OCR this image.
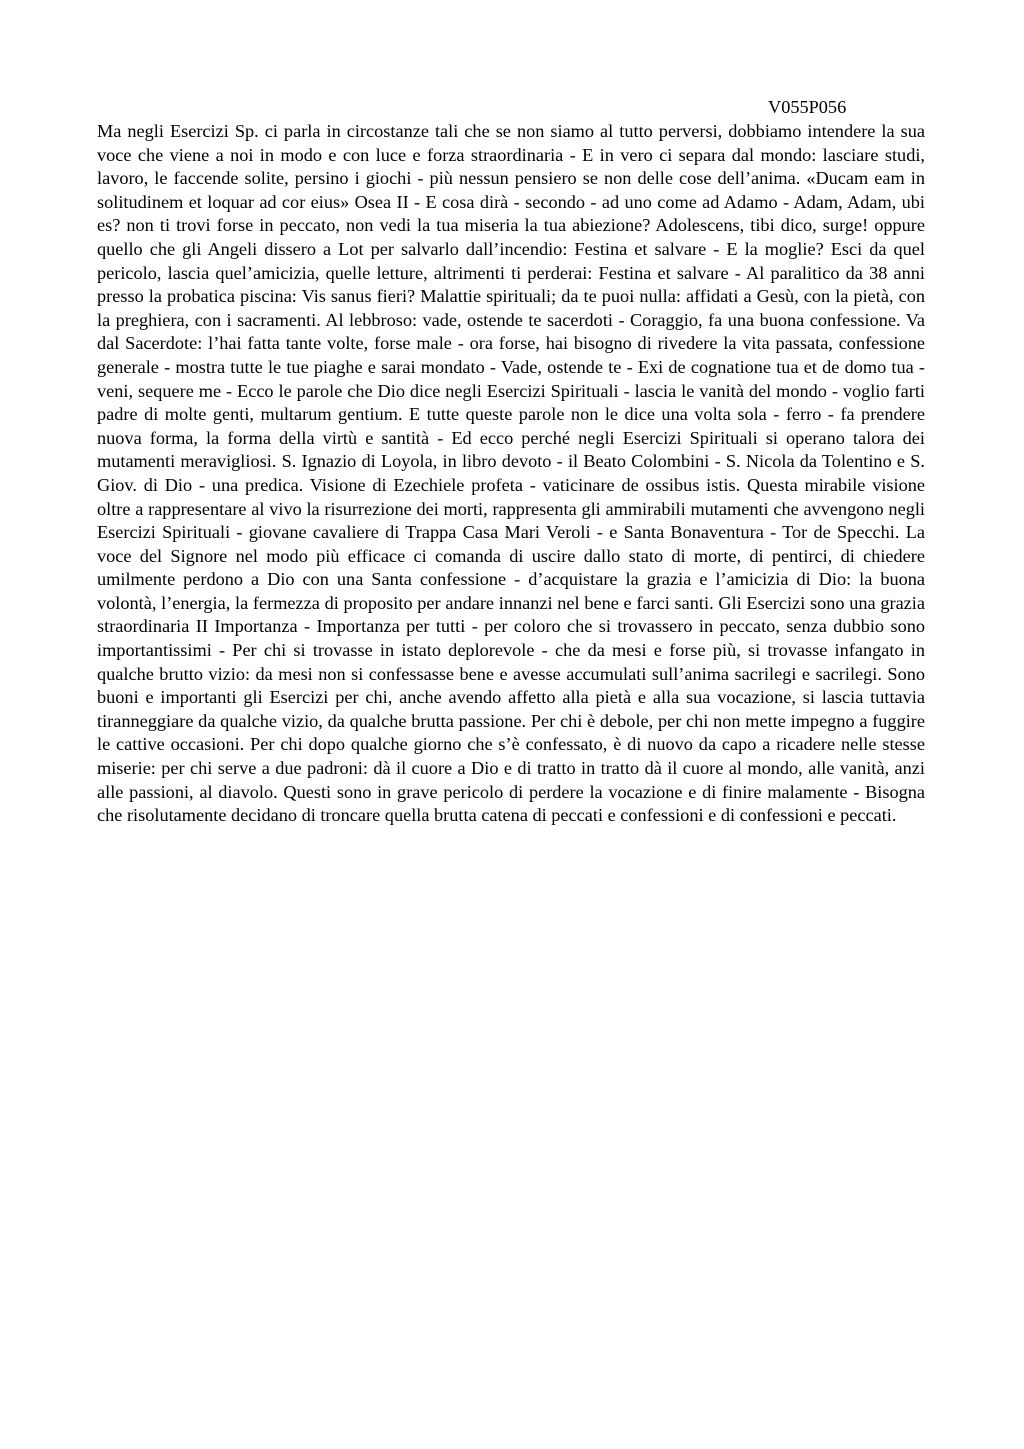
V055P056

Ma negli Esercizi Sp. ci parla in circostanze tali che se non siamo al tutto perversi, dobbiamo intendere la sua voce che viene a noi in modo e con luce e forza straordinaria - E in vero ci separa dal mondo: lasciare studi, lavoro, le faccende solite, persino i giochi - più nessun pensiero se non delle cose dell’anima. «Ducam eam in solitudinem et loquar ad cor eius» Osea II - E cosa dirà - secondo - ad uno come ad Adamo - Adam, Adam, ubi es? non ti trovi forse in peccato, non vedi la tua miseria la tua abiezione? Adolescens, tibi dico, surge! oppure quello che gli Angeli dissero a Lot per salvarlo dall’incendio: Festina et salvare - E la moglie? Esci da quel pericolo, lascia quel’amicizia, quelle letture, altrimenti ti perderai: Festina et salvare - Al paralitico da 38 anni presso la probatica piscina: Vis sanus fieri? Malattie spirituali; da te puoi nulla: affidati a Gesù, con la pietà, con la preghiera, con i sacramenti. Al lebbroso: vade, ostende te sacerdoti - Coraggio, fa una buona confessione. Va dal Sacerdote: l’hai fatta tante volte, forse male - ora forse, hai bisogno di rivedere la vita passata, confessione generale - mostra tutte le tue piaghe e sarai mondato - Vade, ostende te - Exi de cognatione tua et de domo tua - veni, sequere me - Ecco le parole che Dio dice negli Esercizi Spirituali - lascia le vanità del mondo - voglio farti padre di molte genti, multarum gentium. E tutte queste parole non le dice una volta sola - ferro - fa prendere nuova forma, la forma della virtù e santità - Ed ecco perché negli Esercizi Spirituali si operano talora dei mutamenti meravigliosi. S. Ignazio di Loyola, in libro devoto - il Beato Colombini - S. Nicola da Tolentino e S. Giov. di Dio - una predica. Visione di Ezechiele profeta - vaticinare de ossibus istis. Questa mirabile visione oltre a rappresentare al vivo la risurrezione dei morti, rappresenta gli ammirabili mutamenti che avvengono negli Esercizi Spirituali - giovane cavaliere di Trappa Casa Mari Veroli - e Santa Bonaventura - Tor de Specchi. La voce del Signore nel modo più efficace ci comanda di uscire dallo stato di morte, di pentirci, di chiedere umilmente perdono a Dio con una Santa confessione - d’acquistare la grazia e l’amicizia di Dio: la buona volontà, l’energia, la fermezza di proposito per andare innanzi nel bene e farci santi. Gli Esercizi sono una grazia straordinaria II Importanza - Importanza per tutti - per coloro che si trovassero in peccato, senza dubbio sono importantissimi - Per chi si trovasse in istato deplorevole - che da mesi e forse più, si trovasse infangato in qualche brutto vizio: da mesi non si confessasse bene e avesse accumulati sull’anima sacrilegi e sacrilegi. Sono buoni e importanti gli Esercizi per chi, anche avendo affetto alla pietà e alla sua vocazione, si lascia tuttavia tiranneggiare da qualche vizio, da qualche brutta passione. Per chi è debole, per chi non mette impegno a fuggire le cattive occasioni. Per chi dopo qualche giorno che s’è confessato, è di nuovo da capo a ricadere nelle stesse miserie: per chi serve a due padroni: dà il cuore a Dio e di tratto in tratto dà il cuore al mondo, alle vanità, anzi alle passioni, al diavolo. Questi sono in grave pericolo di perdere la vocazione e di finire malamente - Bisogna che risolutamente decidano di troncare quella brutta catena di peccati e confessioni e di confessioni e peccati.
